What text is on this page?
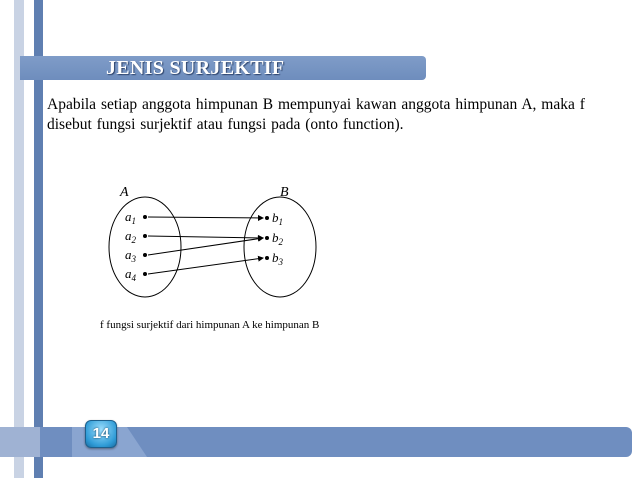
JENIS SURJEKTIF
Apabila setiap anggota himpunan B mempunyai kawan anggota himpunan A, maka f disebut fungsi surjektif atau fungsi pada (onto function).
A	B
$a_1$
$a_2$
$a_3$
$a_4$
$b_1$
$b_2$
$b_3$
f fungsi surjektif dari himpunan A ke himpunan B
14
